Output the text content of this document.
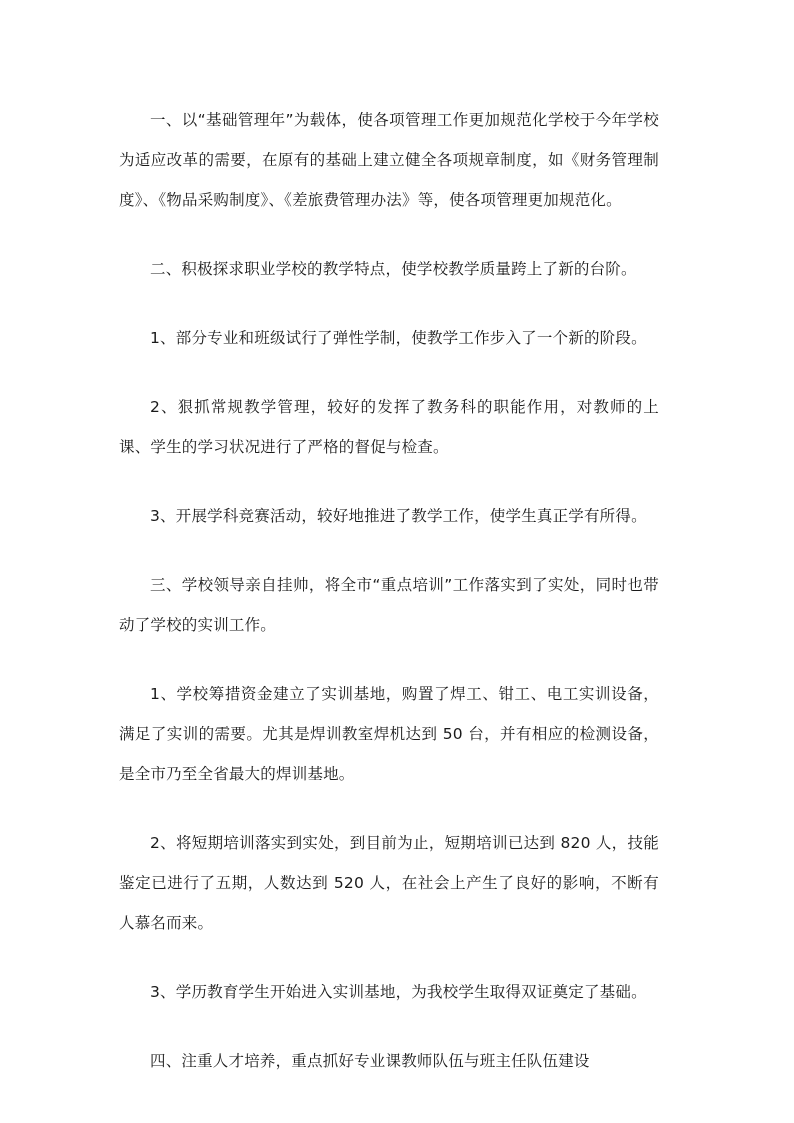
一、以“基础管理年”为载体，使各项管理工作更加规范化学校于今年学校为适应改革的需要，在原有的基础上建立健全各项规章制度，如《财务管理制度》、《物品采购制度》、《差旅费管理办法》等，使各项管理更加规范化。

二、积极探求职业学校的教学特点，使学校教学质量跨上了新的台阶。

1、部分专业和班级试行了弹性学制，使教学工作步入了一个新的阶段。

2、狠抓常规教学管理，较好的发挥了教务科的职能作用，对教师的上课、学生的学习状况进行了严格的督促与检查。

3、开展学科竞赛活动，较好地推进了教学工作，使学生真正学有所得。

三、学校领导亲自挂帅，将全市“重点培训”工作落实到了实处，同时也带动了学校的实训工作。

1、学校筹措资金建立了实训基地，购置了焊工、钳工、电工实训设备，满足了实训的需要。尤其是焊训教室焊机达到 50 台，并有相应的检测设备，是全市乃至全省最大的焊训基地。

2、将短期培训落实到实处，到目前为止，短期培训已达到 820 人，技能鉴定已进行了五期，人数达到 520 人，在社会上产生了良好的影响，不断有人慕名而来。

3、学历教育学生开始进入实训基地，为我校学生取得双证奠定了基础。

四、注重人才培养，重点抓好专业课教师队伍与班主任队伍建设
